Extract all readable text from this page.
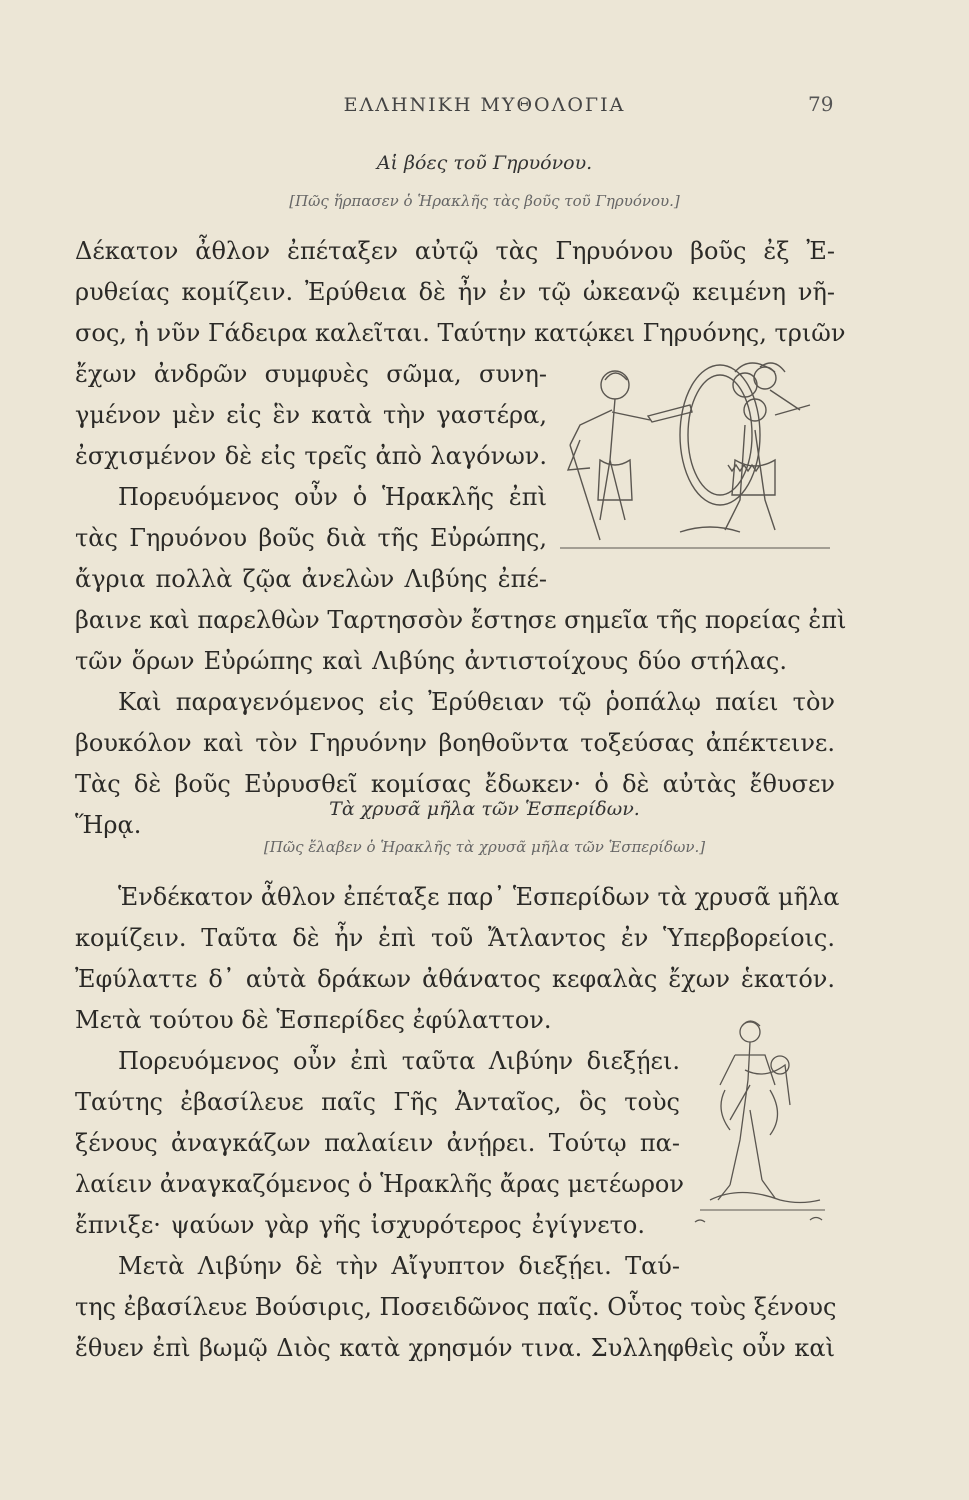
ΕΛΛΗΝΙΚΗ ΜΥΘΟΛΟΓΙΑ	79
Αἱ βόες τοῦ Γηρυόνου.
[Πῶς ἥρπασεν ὁ Ἡρακλῆς τὰς βοῦς τοῦ Γηρυόνου.]
Δέκατον ἆθλον ἐπέταξεν αὐτῷ τὰς Γηρυόνου βοῦς ἐξ Ἐ-
ρυθείας κομίζειν. Ἐρύθεια δὲ ἦν ἐν τῷ ὠκεανῷ κειμένη νῆ-
σος, ἡ νῦν Γάδειρα καλεῖται. Ταύτην κατῴκει Γηρυόνης, τριῶν
ἔχων ἀνδρῶν συμφυὲς σῶμα, συνη-
γμένον μὲν εἰς ἓν κατὰ τὴν γαστέρα,
ἐσχισμένον δὲ εἰς τρεῖς ἀπὸ λαγόνων.
Πορευόμενος οὖν ὁ Ἡρακλῆς ἐπὶ
τὰς Γηρυόνου βοῦς διὰ τῆς Εὐρώπης,
ἄγρια πολλὰ ζῷα ἀνελὼν Λιβύης ἐπέ-
βαινε καὶ παρελθὼν Ταρτησσὸν ἔστησε σημεῖα τῆς πορείας ἐπὶ
τῶν ὅρων Εὐρώπης καὶ Λιβύης ἀντιστοίχους δύο στήλας.
Καὶ παραγενόμενος εἰς Ἐρύθειαν τῷ ῥοπάλῳ παίει τὸν
βουκόλον καὶ τὸν Γηρυόνην βοηθοῦντα τοξεύσας ἀπέκτεινε.
Τὰς δὲ βοῦς Εὐρυσθεῖ κομίσας ἔδωκεν· ὁ δὲ αὐτὰς ἔθυσεν
Ἥρᾳ.
Τὰ χρυσᾶ μῆλα τῶν Ἑσπερίδων.
[Πῶς ἔλαβεν ὁ Ἡρακλῆς τὰ χρυσᾶ μῆλα τῶν Ἑσπερίδων.]
Ἑνδέκατον ἆθλον ἐπέταξε παρ᾽ Ἑσπερίδων τὰ χρυσᾶ μῆλα
κομίζειν. Ταῦτα δὲ ἦν ἐπὶ τοῦ Ἄτλαντος ἐν Ὑπερβορείοις.
Ἐφύλαττε δ᾽ αὐτὰ δράκων ἀθάνατος κεφαλὰς ἔχων ἑκατόν.
Μετὰ τούτου δὲ Ἑσπερίδες ἐφύλαττον.
Πορευόμενος οὖν ἐπὶ ταῦτα Λιβύην διεξῄει.
Ταύτης ἐβασίλευε παῖς Γῆς Ἀνταῖος, ὃς τοὺς
ξένους ἀναγκάζων παλαίειν ἀνῄρει. Τούτῳ πα-
λαίειν ἀναγκαζόμενος ὁ Ἡρακλῆς ἄρας μετέωρον
ἔπνιξε· ψαύων γὰρ γῆς ἰσχυρότερος ἐγίγνετο.
Μετὰ Λιβύην δὲ τὴν Αἴγυπτον διεξῄει. Ταύ-
της ἐβασίλευε Βούσιρις, Ποσειδῶνος παῖς. Οὗτος τοὺς ξένους
ἔθυεν ἐπὶ βωμῷ Διὸς κατὰ χρησμόν τινα. Συλληφθεὶς οὖν καὶ
